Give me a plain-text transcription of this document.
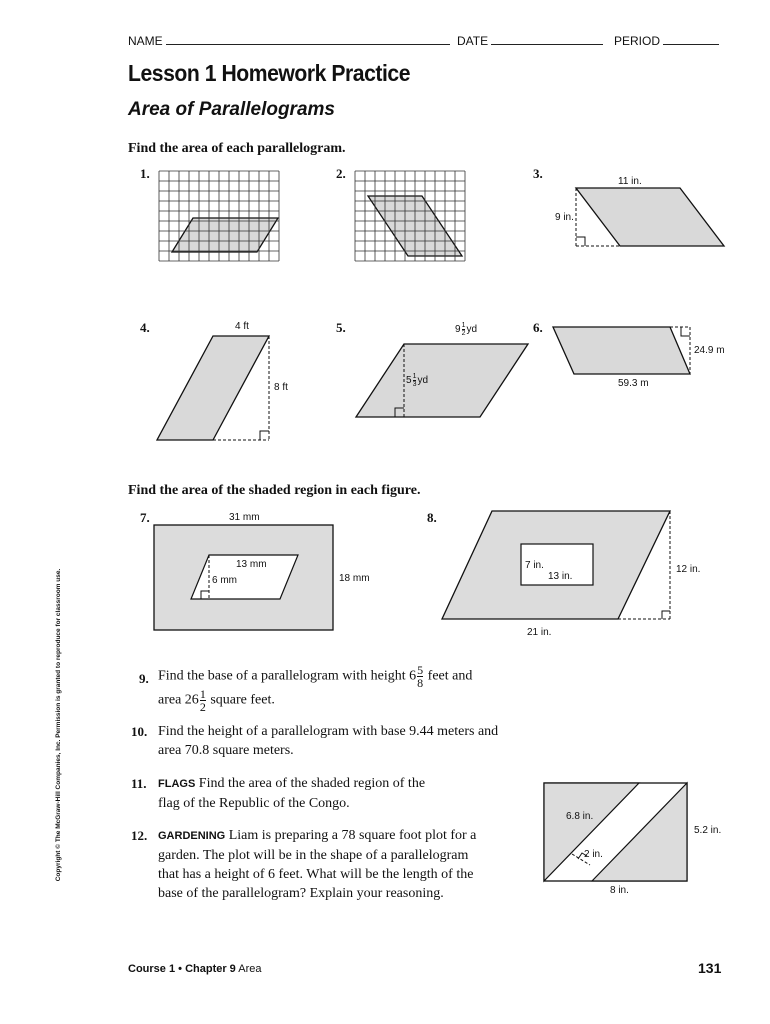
NAME	DATE	PERIOD
Lesson 1 Homework Practice
Area of Parallelograms
Find the area of each parallelogram.
1.	2.	3.
4.	5.	6.
11 in.
9 in.
4 ft
8 ft
$9 \frac{1}{2}$ yd
$5 \frac{1}{3}$ yd	59.3 m
24.9 m
Find the area of the shaded region in each figure.
7.	8.
31 mm
18 mm
13 mm
6 mm
7 in.
13 in.
12 in.
21 in.
9. Find the base of a parallelogram with height $6 \frac{5}{8}$ feet and
area $26 \frac{1}{2}$ square feet.
10. Find the height of a parallelogram with base 9.44 meters and
area 70.8 square meters.
11. FLAGS Find the area of the shaded region of the
flag of the Republic of the Congo.
12. GARDENING Liam is preparing a 78 square foot plot for a
garden. The plot will be in the shape of a parallelogram
that has a height of 6 feet. What will be the length of the
base of the parallelogram? Explain your reasoning.
6.8 in.
5.2 in.
2 in.
8 in.
Copyright © The McGraw-Hill Companies, Inc. Permission is granted to reproduce for classroom use.
Course 1 • Chapter 9 Area	131
